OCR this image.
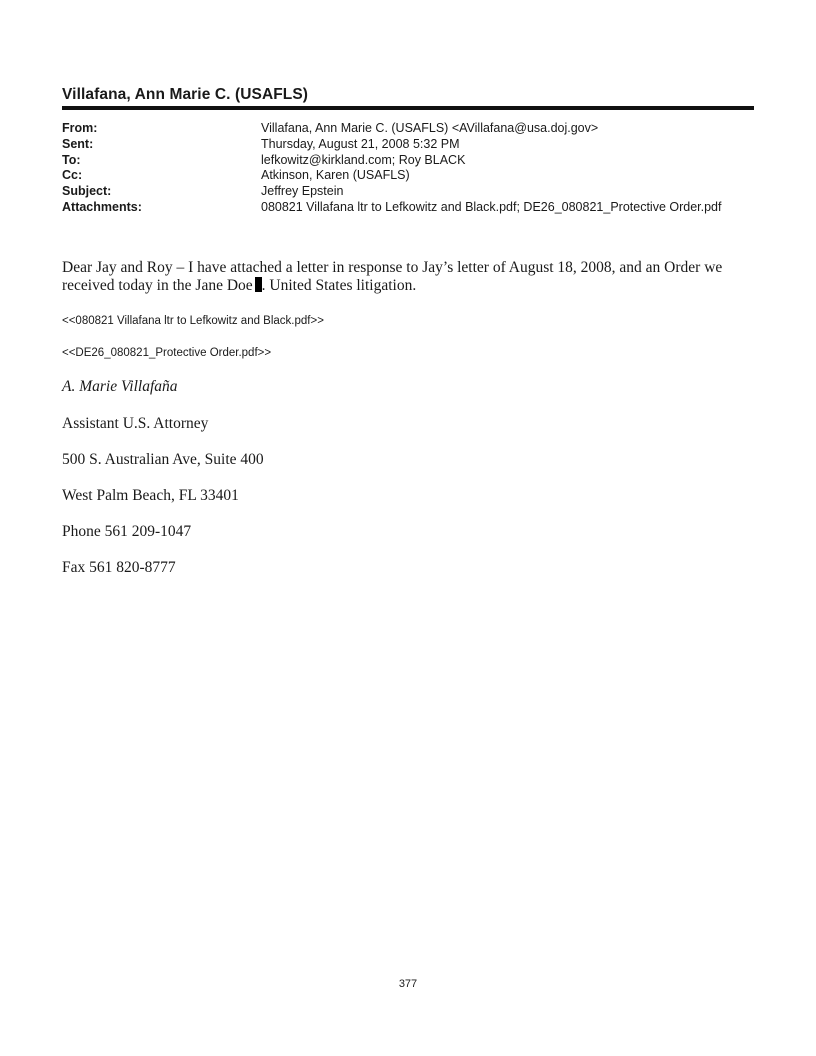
Villafana, Ann Marie C. (USAFLS)
From:	Villafana, Ann Marie C. (USAFLS) <AVillafana@usa.doj.gov>
Sent:	Thursday, August 21, 2008 5:32 PM
To:	lefkowitz@kirkland.com; Roy BLACK
Cc:	Atkinson, Karen (USAFLS)
Subject:	Jeffrey Epstein
Attachments:	080821 Villafana ltr to Lefkowitz and Black.pdf; DE26_080821_Protective Order.pdf
Dear Jay and Roy – I have attached a letter in response to Jay’s letter of August 18, 2008, and an Order we received today in the Jane Doe . United States litigation.
<<080821 Villafana ltr to Lefkowitz and Black.pdf>>
<<DE26_080821_Protective Order.pdf>>
A. Marie Villafaña
Assistant U.S. Attorney
500 S. Australian Ave, Suite 400
West Palm Beach, FL 33401
Phone 561 209-1047
Fax 561 820-8777
377
